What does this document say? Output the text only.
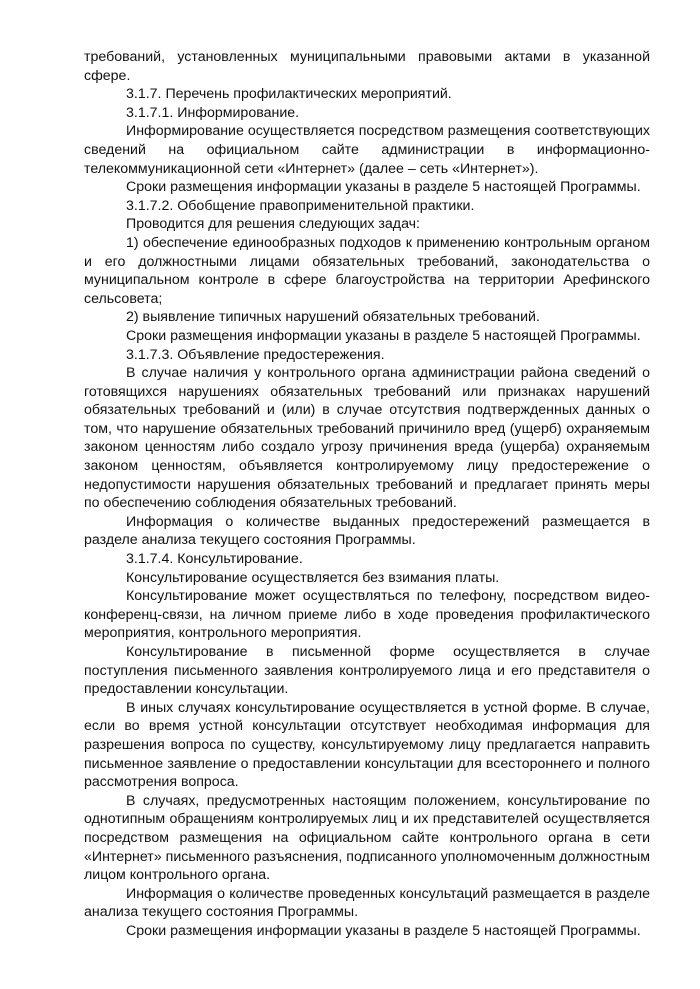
требований, установленных муниципальными правовыми актами в указанной сфере.

3.1.7. Перечень профилактических мероприятий.

3.1.7.1. Информирование.

Информирование осуществляется посредством размещения соответствующих сведений на официальном сайте администрации в информационно-телекоммуникационной сети «Интернет» (далее – сеть «Интернет»).

Сроки размещения информации указаны в разделе 5 настоящей Программы.

3.1.7.2. Обобщение правоприменительной практики.

Проводится для решения следующих задач:

1) обеспечение единообразных подходов к применению контрольным органом и его должностными лицами обязательных требований, законодательства о муниципальном контроле в сфере благоустройства на территории Арефинского сельсовета;

2) выявление типичных нарушений обязательных требований.

Сроки размещения информации указаны в разделе 5 настоящей Программы.

3.1.7.3. Объявление предостережения.

В случае наличия у контрольного органа администрации района сведений о готовящихся нарушениях обязательных требований или признаках нарушений обязательных требований и (или) в случае отсутствия подтвержденных данных о том, что нарушение обязательных требований причинило вред (ущерб) охраняемым законом ценностям либо создало угрозу причинения вреда (ущерба) охраняемым законом ценностям, объявляется контролируемому лицу предостережение о недопустимости нарушения обязательных требований и предлагает принять меры по обеспечению соблюдения обязательных требований.

Информация о количестве выданных предостережений размещается в разделе анализа текущего состояния Программы.

3.1.7.4. Консультирование.

Консультирование осуществляется без взимания платы.

Консультирование может осуществляться по телефону, посредством видео-конференц-связи, на личном приеме либо в ходе проведения профилактического мероприятия, контрольного мероприятия.

Консультирование в письменной форме осуществляется в случае поступления письменного заявления контролируемого лица и его представителя о предоставлении консультации.

В иных случаях консультирование осуществляется в устной форме. В случае, если во время устной консультации отсутствует необходимая информация для разрешения вопроса по существу, консультируемому лицу предлагается направить письменное заявление о предоставлении консультации для всестороннего и полного рассмотрения вопроса.

В случаях, предусмотренных настоящим положением, консультирование по однотипным обращениям контролируемых лиц и их представителей осуществляется посредством размещения на официальном сайте контрольного органа в сети «Интернет» письменного разъяснения, подписанного уполномоченным должностным лицом контрольного органа.

Информация о количестве проведенных консультаций размещается в разделе анализа текущего состояния Программы.

Сроки размещения информации указаны в разделе 5 настоящей Программы.
